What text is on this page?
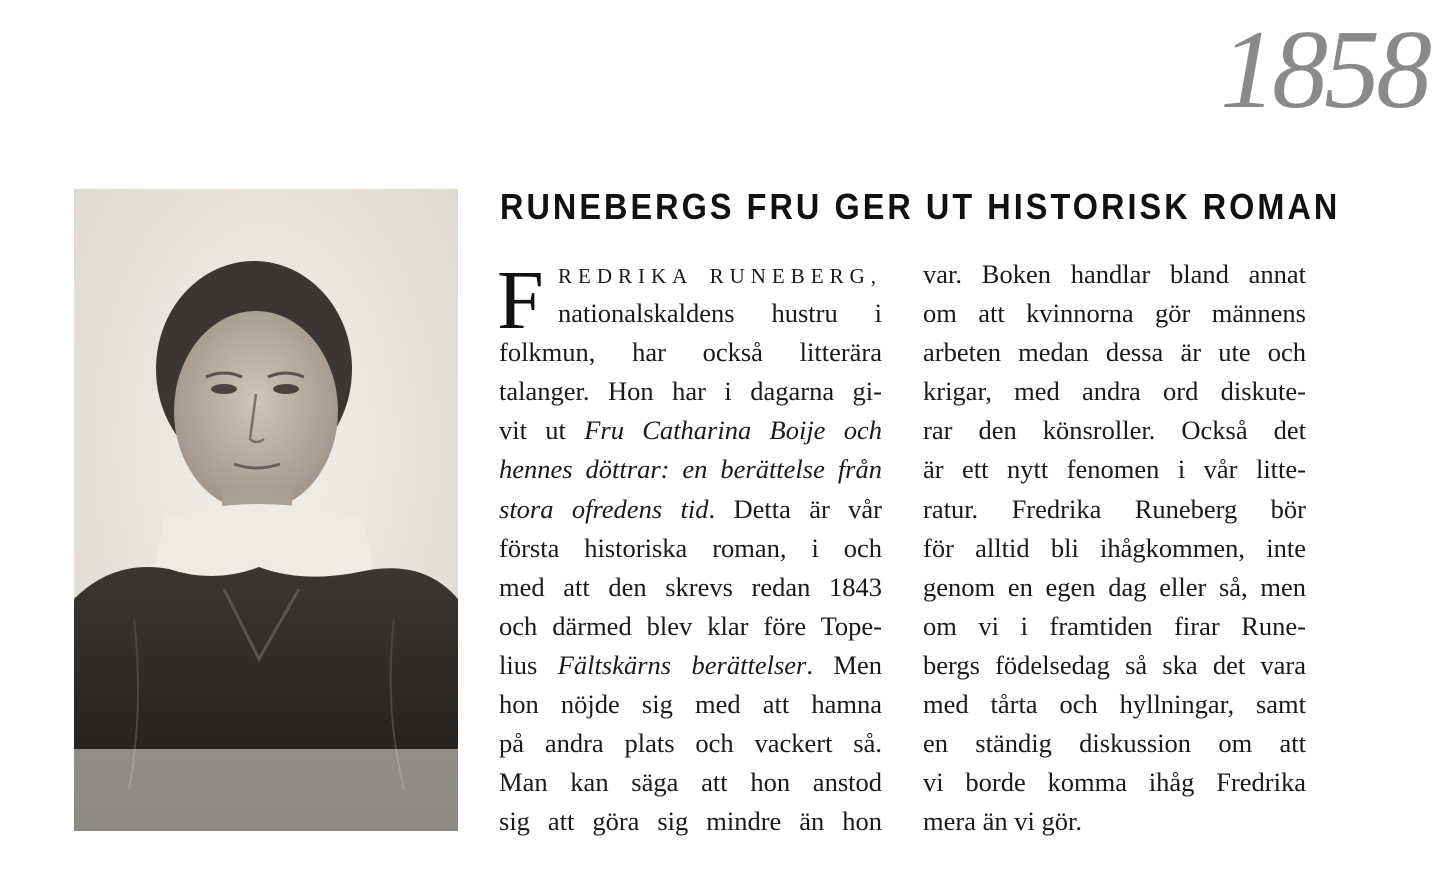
1858
RUNEBERGS FRU GER UT HISTORISK ROMAN
F REDRIKA RUNEBERG,
nationalskaldens hustru i
folkmun, har också litterära
talanger. Hon har i dagarna gi-
vit ut Fru Catharina Boije och
hennes döttrar: en berättelse från
stora ofredens tid. Detta är vår
första historiska roman, i och
med att den skrevs redan 1843
och därmed blev klar före Tope-
lius Fältskärns berättelser. Men
hon nöjde sig med att hamna
på andra plats och vackert så.
Man kan säga att hon anstod
sig att göra sig mindre än hon
var. Boken handlar bland annat
om att kvinnorna gör männens
arbeten medan dessa är ute och
krigar, med andra ord diskute-
rar den könsroller. Också det
är ett nytt fenomen i vår litte-
ratur. Fredrika Runeberg bör
för alltid bli ihågkommen, inte
genom en egen dag eller så, men
om vi i framtiden firar Rune-
bergs födelsedag så ska det vara
med tårta och hyllningar, samt
en ständig diskussion om att
vi borde komma ihåg Fredrika
mera än vi gör.
